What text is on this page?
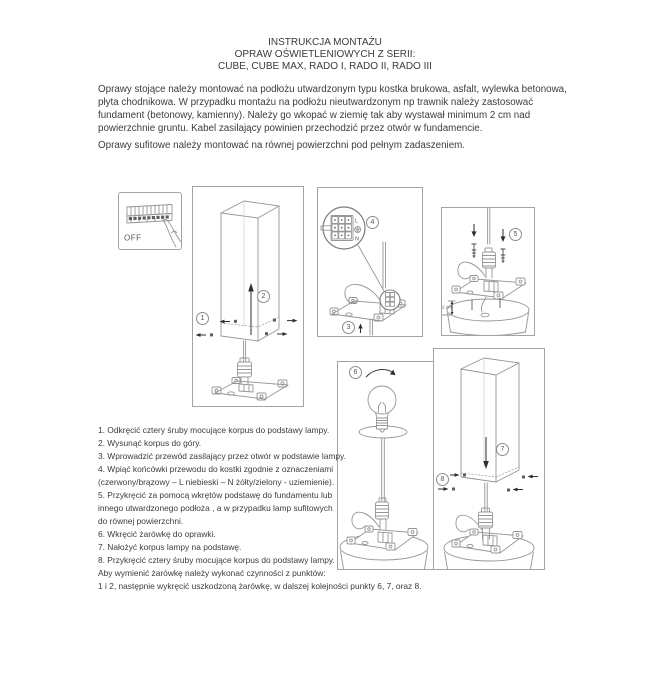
INSTRUKCJA MONTAŻU
OPRAW OŚWIETLENIOWYCH Z SERII:
CUBE, CUBE MAX, RADO I, RADO II, RADO III
Oprawy stojące należy montować na podłożu utwardzonym typu kostka brukowa, asfalt, wylewka betonowa,
płyta chodnikowa. W przypadku montażu na podłożu nieutwardzonym np trawnik należy zastosować
fundament (betonowy, kamienny). Należy go wkopać w ziemię tak aby wystawał minimum 2 cm nad
powierzchnie gruntu. Kabel zasilający powinien przechodzić przez otwór w fundamencie.
Oprawy sufitowe należy montować na równej powierzchni pod pełnym zadaszeniem.
OFF
1
2
L
N
4
3
2 cm
5
6
7
8
1. Odkręcić cztery śruby mocujące korpus do podstawy lampy.
2. Wysunąć korpus do góry.
3. Wprowadzić przewód zasilający przez otwór w podstawie lampy.
4. Wpiąć końcówki przewodu do kostki zgodnie z oznaczeniami
(czerwony/brązowy – L niebieski – N żółty/zielony - uziemienie).
5. Przykręcić za pomocą wkrętów podstawę do fundamentu lub
innego utwardzonego podłoża , a w przypadku lamp sufitowych
do równej powierzchni.
6. Wkręcić żarówkę do oprawki.
7. Nałożyć korpus lampy na podstawę.
8. Przykręcić cztery śruby mocujące korpus do podstawy lampy.
Aby wymienić żarówkę należy wykonać czynności z punktów:
1 i 2, następnie wykręcić uszkodzoną żarówkę, w dalszej kolejności punkty 6, 7, oraz 8.
